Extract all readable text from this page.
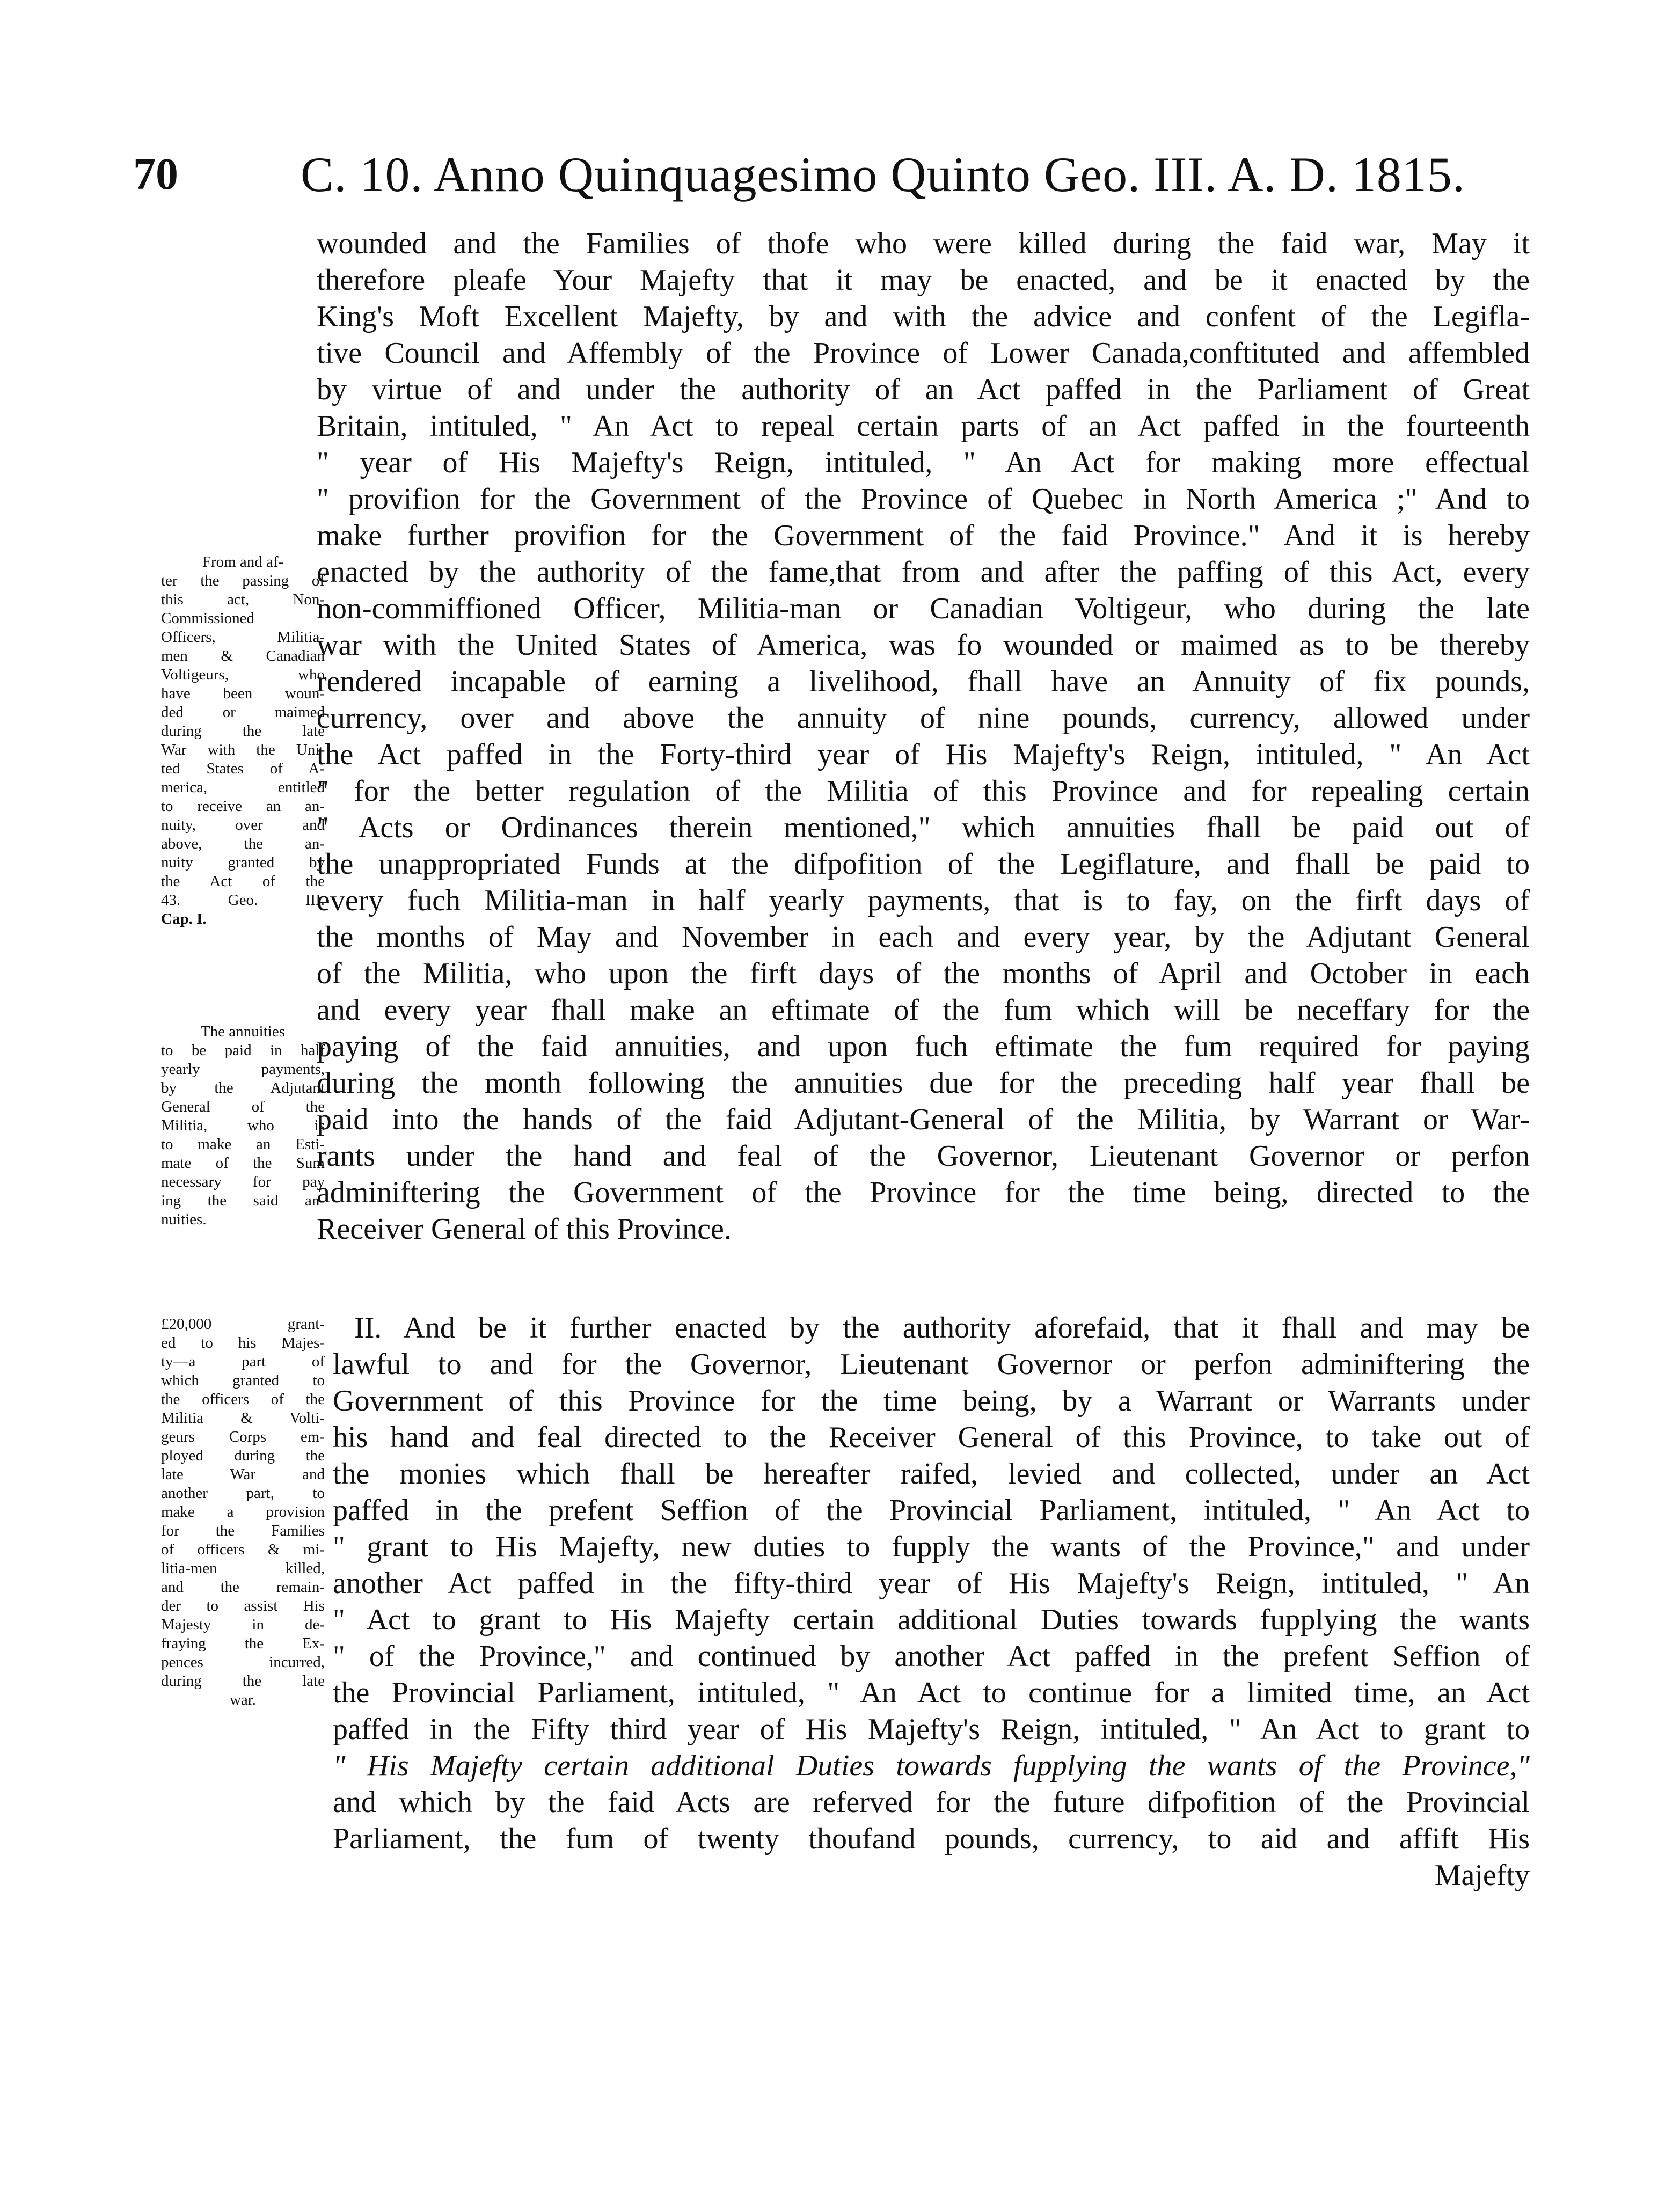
70 C. 10. Anno Quinquagesimo Quinto Geo. III. A. D. 1815.
wounded and the Families of thofe who were killed during the faid war, May it
therefore pleafe Your Majefty that it may be enacted, and be it enacted by the
King's Moft Excellent Majefty, by and with the advice and confent of the Legifla-
tive Council and Affembly of the Province of Lower Canada,conftituted and affembled
by virtue of and under the authority of an Act paffed in the Parliament of Great
Britain, intituled, " An Act to repeal certain parts of an Act paffed in the fourteenth
" year of His Majefty's Reign, intituled, " An Act for making more effectual
" provifion for the Government of the Province of Quebec in North America ;" And to
make further provifion for the Government of the faid Province." And it is hereby
enacted by the authority of the fame,that from and after the paffing of this Act, every
non-commiffioned Officer, Militia-man or Canadian Voltigeur, who during the late
war with the United States of America, was fo wounded or maimed as to be thereby
rendered incapable of earning a livelihood, fhall have an Annuity of fix pounds,
currency, over and above the annuity of nine pounds, currency, allowed under
the Act paffed in the Forty-third year of His Majefty's Reign, intituled, " An Act
" for the better regulation of the Militia of this Province and for repealing certain
" Acts or Ordinances therein mentioned," which annuities fhall be paid out of
the unappropriated Funds at the difpofition of the Legiflature, and fhall be paid to
every fuch Militia-man in half yearly payments, that is to fay, on the firft days of
the months of May and November in each and every year, by the Adjutant General
of the Militia, who upon the firft days of the months of April and October in each
and every year fhall make an eftimate of the fum which will be neceffary for the
paying of the faid annuities, and upon fuch eftimate the fum required for paying
during the month following the annuities due for the preceding half year fhall be
paid into the hands of the faid Adjutant-General of the Militia, by Warrant or War-
rants under the hand and feal of the Governor, Lieutenant Governor or perfon
adminiftering the Government of the Province for the time being, directed to the
Receiver General of this Province.
II. And be it further enacted by the authority aforefaid, that it fhall and may be
lawful to and for the Governor, Lieutenant Governor or perfon adminiftering the
Government of this Province for the time being, by a Warrant or Warrants under
his hand and feal directed to the Receiver General of this Province, to take out of
the monies which fhall be hereafter raifed, levied and collected, under an Act
paffed in the prefent Seffion of the Provincial Parliament, intituled, " An Act to
" grant to His Majefty, new duties to fupply the wants of the Province," and under
another Act paffed in the fifty-third year of His Majefty's Reign, intituled, " An
" Act to grant to His Majefty certain additional Duties towards fupplying the wants
" of the Province," and continued by another Act paffed in the prefent Seffion of
the Provincial Parliament, intituled, " An Act to continue for a limited time, an Act
paffed in the Fifty third year of His Majefty's Reign, intituled, " An Act to grant to
" His Majefty certain additional Duties towards fupplying the wants of the Province,"
and which by the faid Acts are referved for the future difpofition of the Provincial
Parliament, the fum of twenty thoufand pounds, currency, to aid and affift His
Majefty
From and af-
ter the passing of
this act, Non-
Commissioned
Officers, Militia-
men & Canadian
Voltigeurs, who
have been woun-
ded or maimed
during the late
War with the Uni-
ted States of A-
merica, entitled
to receive an an-
nuity, over and
above, the an-
nuity granted by
the Act of the
43. Geo. III.
Cap. I.
The annuities
to be paid in half
yearly payments,
by the Adjutant
General of the
Militia, who is
to make an Esti-
mate of the Sum
necessary for pay
ing the said an-
nuities.
£20,000 grant-
ed to his Majes-
ty—a part of
which granted to
the officers of the
Militia & Volti-
geurs Corps em-
ployed during the
late War and
another part, to
make a provision
for the Families
of officers & mi-
litia-men killed,
and the remain-
der to assist His
Majesty in de-
fraying the Ex-
pences incurred,
during the late
war.
